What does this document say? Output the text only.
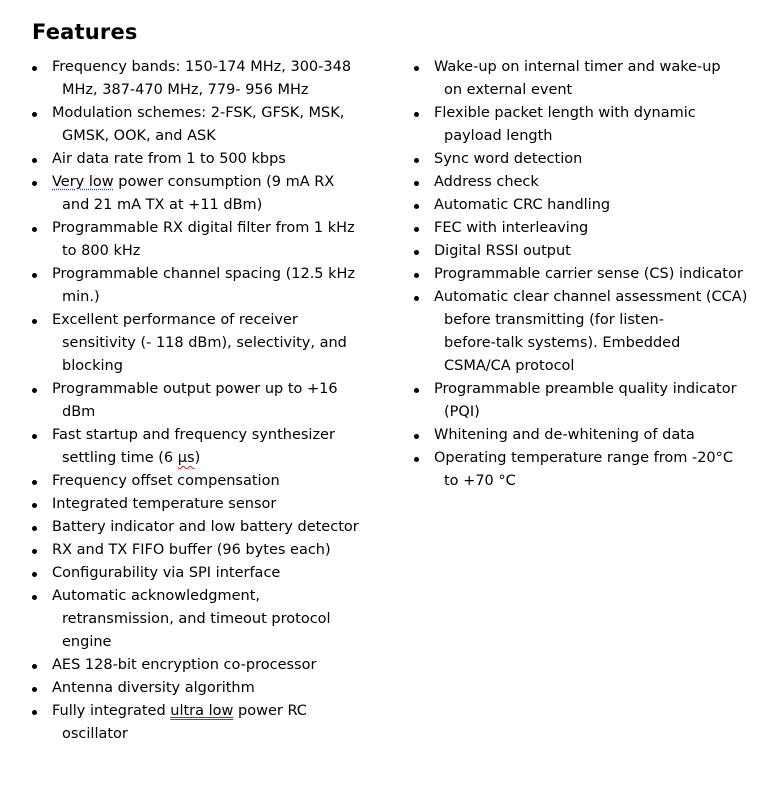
Features
Frequency bands: 150-174 MHz, 300-348
MHz, 387-470 MHz, 779- 956 MHz
Modulation schemes: 2-FSK, GFSK, MSK,
GMSK, OOK, and ASK
Air data rate from 1 to 500 kbps
Very low power consumption (9 mA RX
and 21 mA TX at +11 dBm)
Programmable RX digital filter from 1 kHz
to 800 kHz
Programmable channel spacing (12.5 kHz
min.)
Excellent performance of receiver
sensitivity (- 118 dBm), selectivity, and
blocking
Programmable output power up to +16
dBm
Fast startup and frequency synthesizer
settling time (6 µs)
Frequency offset compensation
Integrated temperature sensor
Battery indicator and low battery detector
RX and TX FIFO buffer (96 bytes each)
Configurability via SPI interface
Automatic acknowledgment,
retransmission, and timeout protocol
engine
AES 128-bit encryption co-processor
Antenna diversity algorithm
Fully integrated ultra low power RC
oscillator
Wake-up on internal timer and wake-up
on external event
Flexible packet length with dynamic
payload length
Sync word detection
Address check
Automatic CRC handling
FEC with interleaving
Digital RSSI output
Programmable carrier sense (CS) indicator
Automatic clear channel assessment (CCA)
before transmitting (for listen-
before-talk systems). Embedded
CSMA/CA protocol
Programmable preamble quality indicator
(PQI)
Whitening and de-whitening of data
Operating temperature range from -20°C
to +70 °C
